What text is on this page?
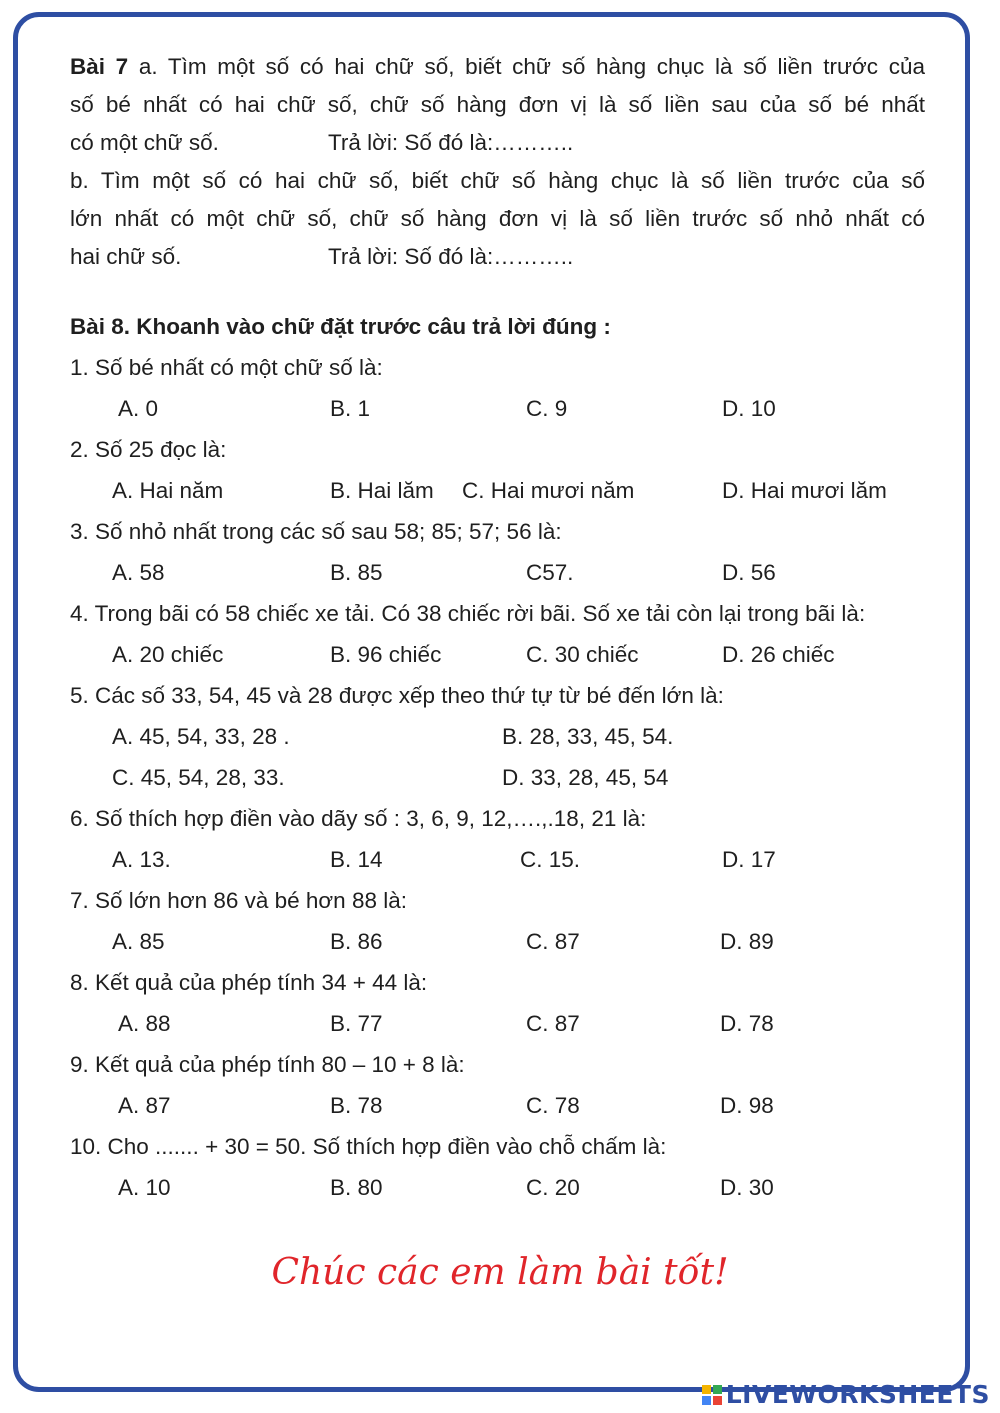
Bài 7 a. Tìm một số có hai chữ số, biết chữ số hàng chục là số liền trước của
số bé nhất có hai chữ số, chữ số hàng đơn vị là số liền sau của số bé nhất
có một chữ số.	Trả lời: Số đó là:………..
b. Tìm một số có hai chữ số, biết chữ số hàng chục là số liền trước của số
lớn nhất có một chữ số, chữ số hàng đơn vị là số liền trước số nhỏ nhất có
hai chữ số.	Trả lời: Số đó là:………..
Bài 8. Khoanh vào chữ đặt trước câu trả lời đúng :
1. Số bé nhất có một chữ số là:
A. 0	B. 1	C. 9	D. 10
2. Số 25 đọc là:
A. Hai năm	B. Hai lăm C. Hai mươi năm	D. Hai mươi lăm
3. Số nhỏ nhất trong các số sau 58; 85; 57; 56 là:
A. 58	B. 85	C57.	D. 56
4. Trong bãi có 58 chiếc xe tải. Có 38 chiếc rời bãi. Số xe tải còn lại trong bãi là:
A. 20 chiếc	B. 96 chiếc	C. 30 chiếc	D. 26 chiếc
5. Các số 33, 54, 45 và 28 được xếp theo thứ tự từ bé đến lớn là:
A. 45, 54, 33, 28 .	B. 28, 33, 45, 54.
C. 45, 54, 28, 33.	D. 33, 28, 45, 54
6. Số thích hợp điền vào dãy số : 3, 6, 9, 12,….,.18, 21 là:
A. 13.	B. 14	C. 15.	D. 17
7. Số lớn hơn 86 và bé hơn 88 là:
A. 85	B. 86	C. 87	D. 89
8. Kết quả của phép tính 34 + 44 là:
A. 88	B. 77	C. 87	D. 78
9. Kết quả của phép tính 80 – 10 + 8 là:
A. 87	B. 78	C. 78	D. 98
10. Cho ....... + 30 = 50. Số thích hợp điền vào chỗ chấm là:
A. 10	B. 80	C. 20	D. 30
Chúc các em làm bài tốt!
LIVEWORKSHEETS
